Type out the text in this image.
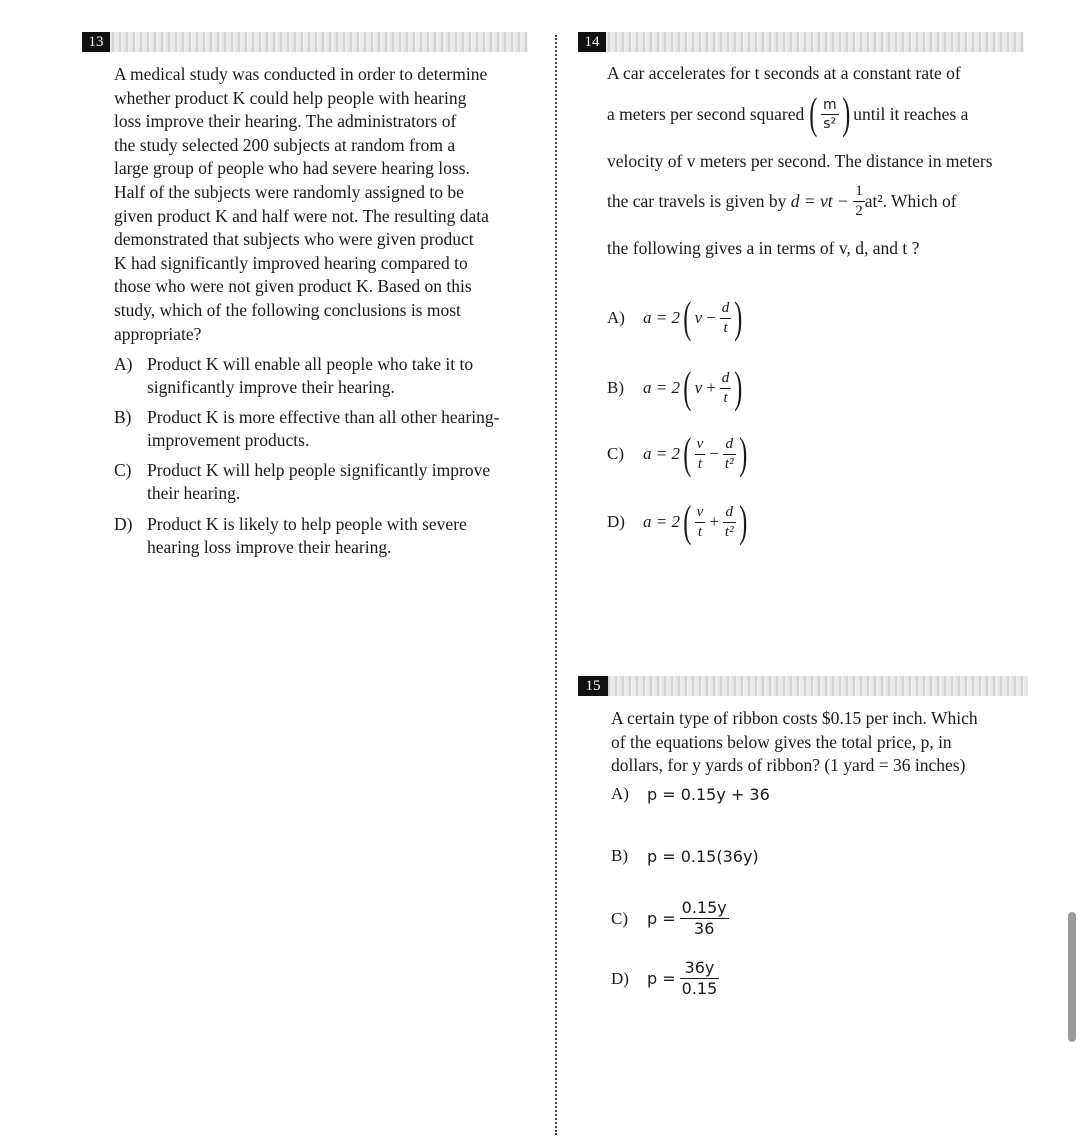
13	14
15
A medical study was conducted in order to determine
whether product K could help people with hearing
loss improve their hearing. The administrators of
the study selected 200 subjects at random from a
large group of people who had severe hearing loss.
Half of the subjects were randomly assigned to be
given product K and half were not. The resulting data
demonstrated that subjects who were given product
K had significantly improved hearing compared to
those who were not given product K. Based on this
study, which of the following conclusions is most
appropriate?
A) Product K will enable all people who take it to
significantly improve their hearing.
B) Product K is more effective than all other hearing-
improvement products.
C) Product K will help people significantly improve
their hearing.
D) Product K is likely to help people with severe
hearing loss improve their hearing.
A car accelerates for t seconds at a constant rate of
a meters per second squared ( $\frac{m}{\text{s²}}$ ) until it reaches a
velocity of v meters per second. The distance in meters
the car travels is given by
d = vt −
$\frac{1}{2} at^2$. Which of
the following gives a in terms of v, d, and t ?
A)	a = 2 ( $v - \frac{d}{t}$ )
B)	a = 2 ( $v + \frac{d}{t}$ )
C)	a = 2 ( $\frac{v}{t} - \frac{d}{\text{t²}}$ )
D)	a = 2 ( $\frac{v}{t} + \frac{d}{\text{t²}}$ )
A certain type of ribbon costs $0.15 per inch. Which
of the equations below gives the total price, p, in
dollars, for y yards of ribbon? (1 yard = 36 inches)
A)	p = 0.15y + 36
B)	p = 0.15(36y)
C)	$p = \frac{0.15y}{36}$
D)	$p = \frac{36y}{0.15}$
